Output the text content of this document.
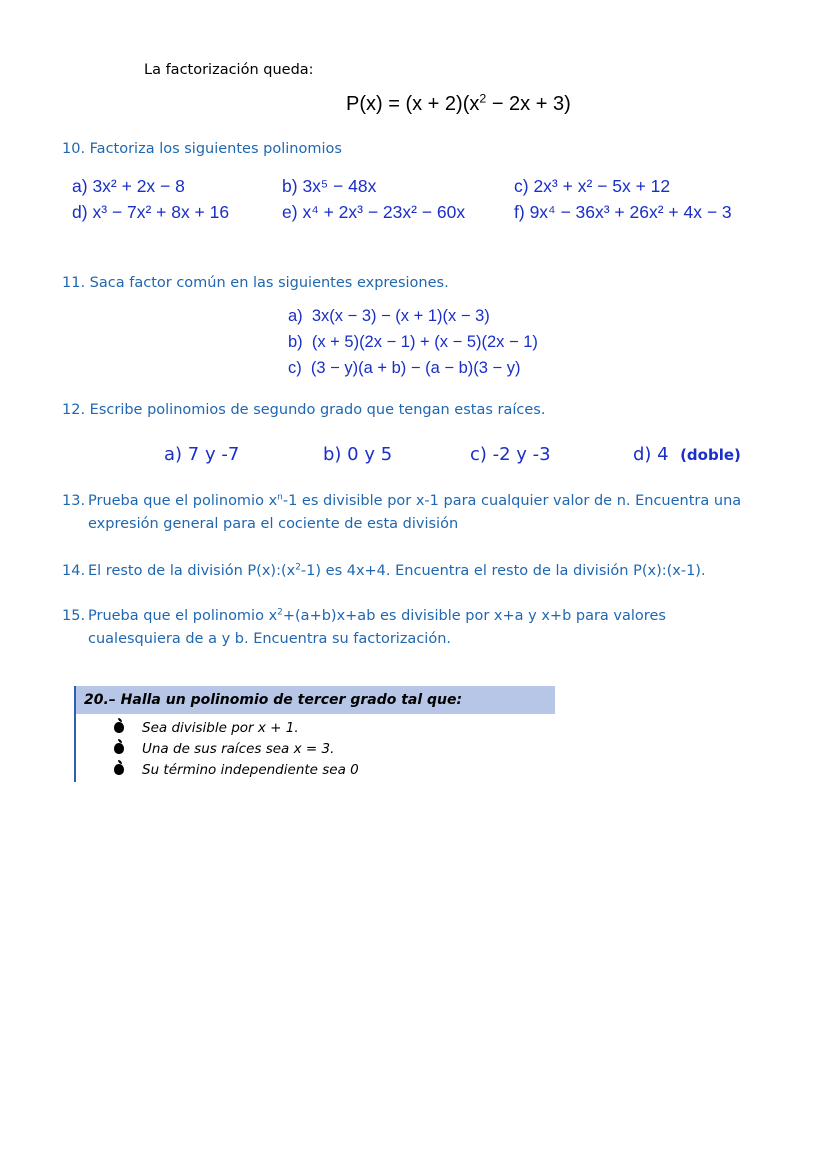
La factorización queda:
$P(x) = (x + 2)(x^2 - 2x + 3)$
10. Factoriza los siguientes polinomios
a) 3x² + 2x − 8	b) 3x⁵ − 48x	c) 2x³ + x² − 5x + 12
d) x³ − 7x² + 8x + 16	e) x⁴ + 2x³ − 23x² − 60x	f) 9x⁴ − 36x³ + 26x² + 4x − 3
11. Saca factor común en las siguientes expresiones.
a) 3x(x − 3) − (x + 1)(x − 3)
b) (x + 5)(2x − 1) + (x − 5)(2x − 1)
c) (3 − y)(a + b) − (a − b)(3 − y)
12. Escribe polinomios de segundo grado que tengan estas raíces.
a) 7 y -7	b) 0 y 5	c) -2 y -3	d) 4 (doble)
13. Prueba que el polinomio $x^n-1$ es divisible por x-1 para cualquier valor de n. Encuentra una expresión general para el cociente de esta división
14. El resto de la división $P(x):(x^2-1)$ es 4x+4. Encuentra el resto de la división P(x):(x-1).
15. Prueba que el polinomio $x^2+(a+b)x+ab$ es divisible por x+a y x+b para valores cualesquiera de a y b. Encuentra su factorización.
20.– Halla un polinomio de tercer grado tal que:
Sea divisible por x + 1.
Una de sus raíces sea x = 3.
Su término independiente sea 0
